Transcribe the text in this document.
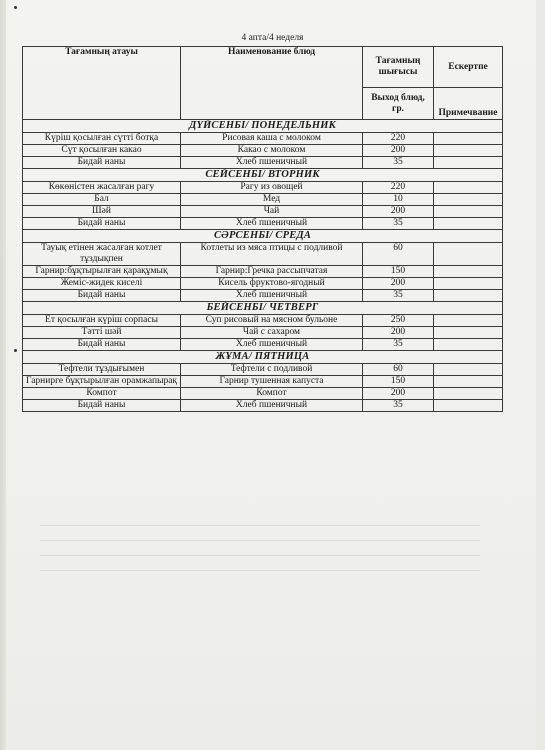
4 апта/4 неделя
Тағамның атауы	Наименование блюд	Тағамның шығысы	Ескертпе
		Выход блюд, гр.	Примечвание
ДҮЙСЕНБІ/ ПОНЕДЕЛЬНИК			
Күріш қосылған сүтті ботқа	Рисовая каша с молоком	220	
Сүт қосылған какао	Какао с молоком	200	
Бидай наны	Хлеб пшеничный	35	
СЕЙСЕНБІ/ ВТОРНИК			
Көкөністен жасалған рагу	Рагу из овощей	220	
Бал	Мед	10	
Шәй	Чай	200	
Бидай наны	Хлеб пшеничный	35	
СӘРСЕНБІ/ СРЕДА			
Тауық етінен жасалған котлет тұздықпен	Котлеты из мяса птицы с подливой	60	
Гарнир:бұқтырылған қарақұмық	Гарнир:Гречка рассыпчатая	150	
Жеміс-жидек киселі	Кисель фруктово-ягодный	200	
Бидай наны	Хлеб пшеничный	35	
БЕЙСЕНБІ/ ЧЕТВЕРГ			
Ет қосылған күріш сорпасы	Суп рисовый на мясном бульоне	250	
Тәтті шәй	Чай с сахаром	200	
Бидай наны	Хлеб пшеничный	35	
ЖҰМА/ ПЯТНИЦА			
Тефтели тұздығымен	Тефтели с подливой	60	
Гарнирге бұқтырылған орамжапырақ	Гарнир тушенная капуста	150	
Компот	Компот	200	
Бидай наны	Хлеб пшеничный	35	
